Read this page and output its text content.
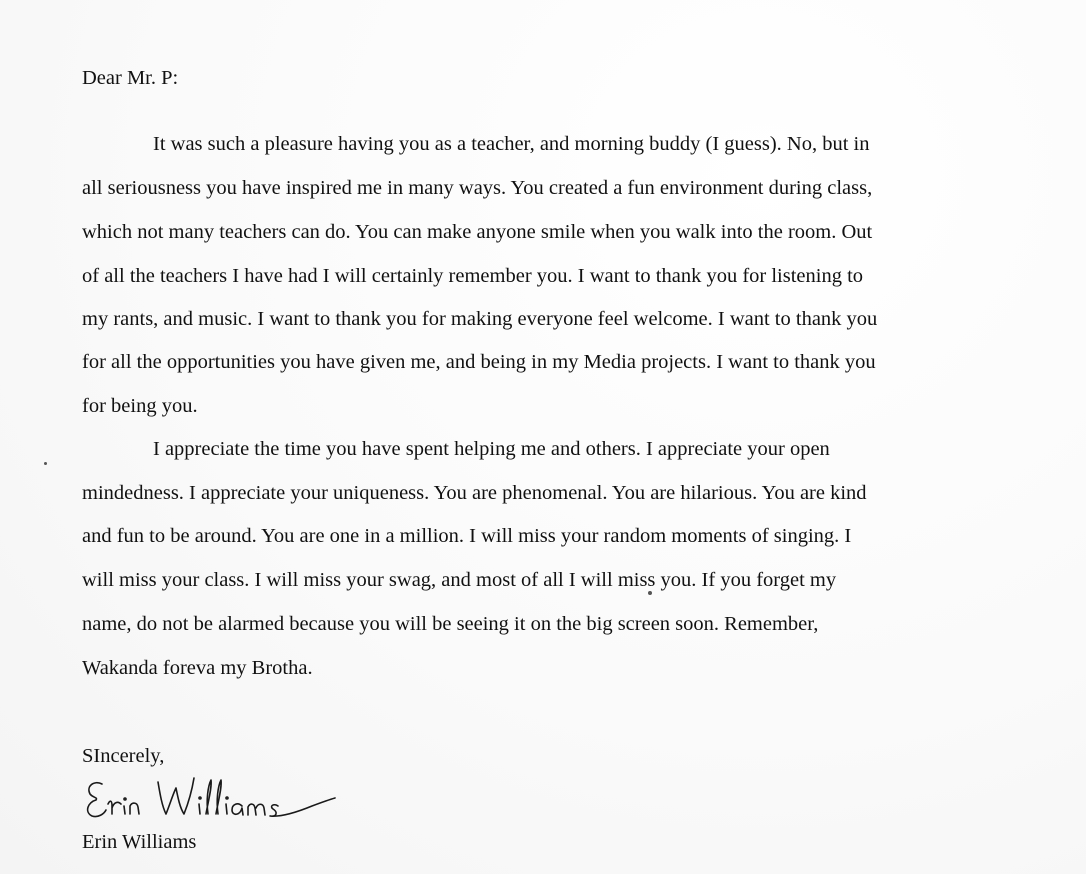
Dear Mr. P:
It was such a pleasure having you as a teacher, and morning buddy (I guess). No, but in
all seriousness you have inspired me in many ways. You created a fun environment during class,
which not many teachers can do. You can make anyone smile when you walk into the room. Out
of all the teachers I have had I will certainly remember you. I want to thank you for listening to
my rants, and music. I want to thank you for making everyone feel welcome. I want to thank you
for all the opportunities you have given me, and being in my Media projects. I want to thank you
for being you.
I appreciate the time you have spent helping me and others. I appreciate your open
mindedness. I appreciate your uniqueness. You are phenomenal. You are hilarious. You are kind
and fun to be around. You are one in a million. I will miss your random moments of singing. I
will miss your class. I will miss your swag, and most of all I will miss you. If you forget my
name, do not be alarmed because you will be seeing it on the big screen soon. Remember,
Wakanda foreva my Brotha.
SIncerely,
Erin Williams
